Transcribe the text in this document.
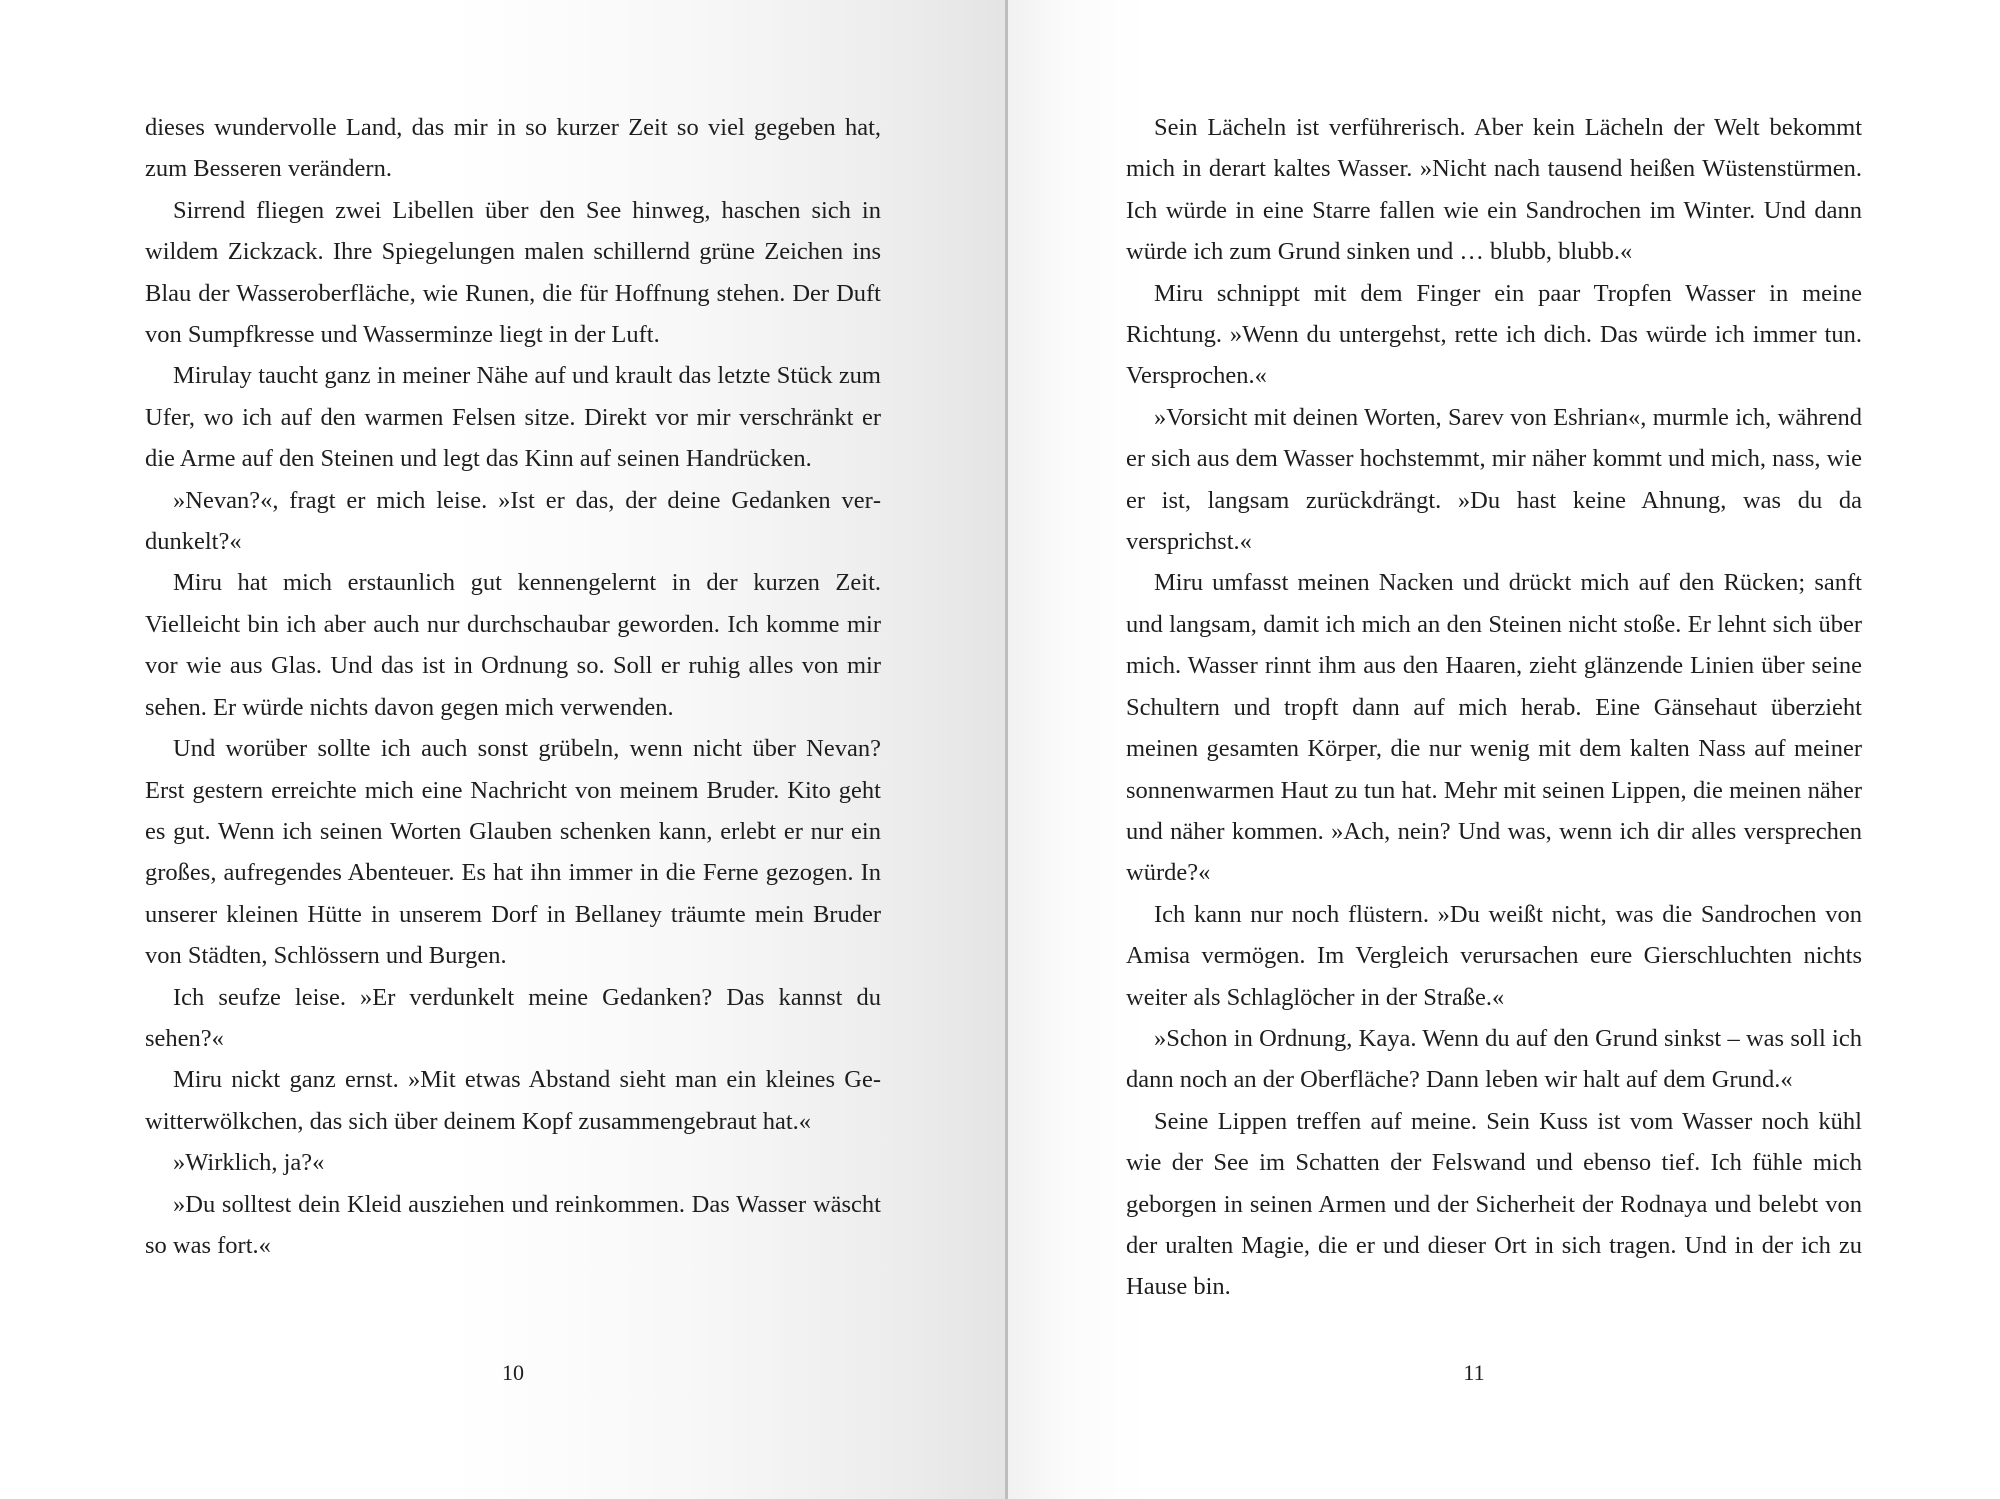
dieses wundervolle Land, das mir in so kurzer Zeit so viel gegeben hat, zum Besseren verändern.

Sirrend fliegen zwei Libellen über den See hinweg, haschen sich in wildem Zickzack. Ihre Spiegelungen malen schillernd grüne Zeichen ins Blau der Wasseroberfläche, wie Runen, die für Hoffnung stehen. Der Duft von Sumpfkresse und Wasserminze liegt in der Luft.

Mirulay taucht ganz in meiner Nähe auf und krault das letzte Stück zum Ufer, wo ich auf den warmen Felsen sitze. Direkt vor mir verschränkt er die Arme auf den Steinen und legt das Kinn auf seinen Handrücken.

»Nevan?«, fragt er mich leise. »Ist er das, der deine Gedanken verdunkelt?«

Miru hat mich erstaunlich gut kennengelernt in der kurzen Zeit. Vielleicht bin ich aber auch nur durchschaubar geworden. Ich komme mir vor wie aus Glas. Und das ist in Ordnung so. Soll er ruhig alles von mir sehen. Er würde nichts davon gegen mich verwenden.

Und worüber sollte ich auch sonst grübeln, wenn nicht über Nevan? Erst gestern erreichte mich eine Nachricht von meinem Bruder. Kito geht es gut. Wenn ich seinen Worten Glauben schenken kann, erlebt er nur ein großes, aufregendes Abenteuer. Es hat ihn immer in die Ferne gezogen. In unserer kleinen Hütte in unserem Dorf in Bellaney träumte mein Bruder von Städten, Schlössern und Burgen.

Ich seufze leise. »Er verdunkelt meine Gedanken? Das kannst du sehen?«

Miru nickt ganz ernst. »Mit etwas Abstand sieht man ein kleines Gewitterwölkchen, das sich über deinem Kopf zusammengebraut hat.«

»Wirklich, ja?«

»Du solltest dein Kleid ausziehen und reinkommen. Das Wasser wäscht so was fort.«

10

Sein Lächeln ist verführerisch. Aber kein Lächeln der Welt bekommt mich in derart kaltes Wasser. »Nicht nach tausend heißen Wüstenstürmen. Ich würde in eine Starre fallen wie ein Sandrochen im Winter. Und dann würde ich zum Grund sinken und … blubb, blubb.«

Miru schnippt mit dem Finger ein paar Tropfen Wasser in meine Richtung. »Wenn du untergehst, rette ich dich. Das würde ich immer tun. Versprochen.«

»Vorsicht mit deinen Worten, Sarev von Eshrian«, murmle ich, während er sich aus dem Wasser hochstemmt, mir näher kommt und mich, nass, wie er ist, langsam zurückdrängt. »Du hast keine Ahnung, was du da versprichst.«

Miru umfasst meinen Nacken und drückt mich auf den Rücken; sanft und langsam, damit ich mich an den Steinen nicht stoße. Er lehnt sich über mich. Wasser rinnt ihm aus den Haaren, zieht glänzende Linien über seine Schultern und tropft dann auf mich herab. Eine Gänsehaut überzieht meinen gesamten Körper, die nur wenig mit dem kalten Nass auf meiner sonnenwarmen Haut zu tun hat. Mehr mit seinen Lippen, die meinen näher und näher kommen. »Ach, nein? Und was, wenn ich dir alles versprechen würde?«

Ich kann nur noch flüstern. »Du weißt nicht, was die Sandrochen von Amisa vermögen. Im Vergleich verursachen eure Gierschluchten nichts weiter als Schlaglöcher in der Straße.«

»Schon in Ordnung, Kaya. Wenn du auf den Grund sinkst – was soll ich dann noch an der Oberfläche? Dann leben wir halt auf dem Grund.«

Seine Lippen treffen auf meine. Sein Kuss ist vom Wasser noch kühl wie der See im Schatten der Felswand und ebenso tief. Ich fühle mich geborgen in seinen Armen und der Sicherheit der Rodnaya und belebt von der uralten Magie, die er und dieser Ort in sich tragen. Und in der ich zu Hause bin.

11
